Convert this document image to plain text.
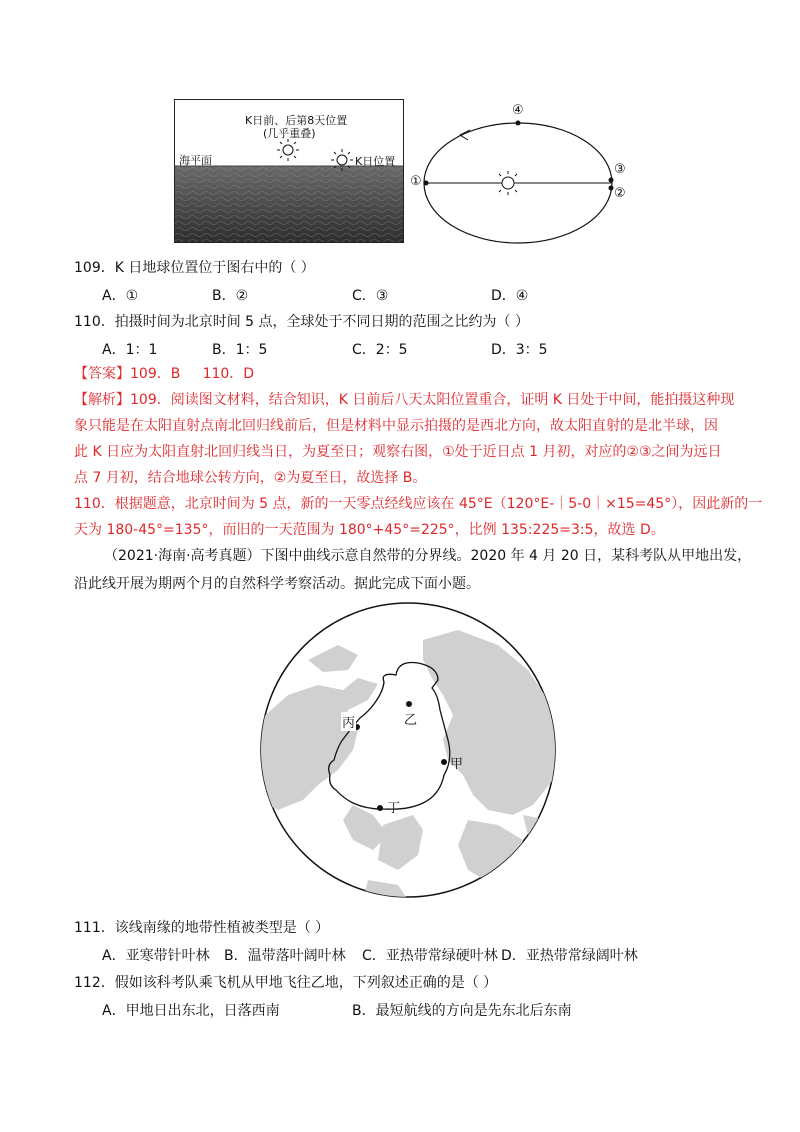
K日前、后第8天位置
(几乎重叠)
海平面	K日位置
①
②
③
④
109．K 日地球位置位于图右中的（ ）
A．①	B．②	C．③	D．④
110．拍摄时间为北京时间 5 点，全球处于不同日期的范围之比约为（ ）
A．1：1	B．1：5	C．2：5	D．3：5
【答案】109．B     110．D
【解析】109．阅读图文材料，结合知识，K 日前后八天太阳位置重合，证明 K 日处于中间，能拍摄这种现
象只能是在太阳直射点南北回归线前后，但是材料中显示拍摄的是西北方向，故太阳直射的是北半球，因
此 K 日应为太阳直射北回归线当日，为夏至日；观察右图，①处于近日点 1 月初，对应的②③之间为远日
点 7 月初，结合地球公转方向，②为夏至日，故选择 B。
110．根据题意，北京时间为 5 点，新的一天零点经线应该在 45°E（120°E-｜5-0｜×15=45°），因此新的一
天为 180-45°=135°，而旧的一天范围为 180°+45°=225°，比例 135:225=3:5，故选 D。
（2021·海南·高考真题）下图中曲线示意自然带的分界线。2020 年 4 月 20 日，某科考队从甲地出发，
沿此线开展为期两个月的自然科学考察活动。据此完成下面小题。
丙	乙
甲
丁
111．该线南缘的地带性植被类型是（ ）
A．亚寒带针叶林 B．温带落叶阔叶林 C．亚热带常绿硬叶林 D．亚热带常绿阔叶林
112．假如该科考队乘飞机从甲地飞往乙地，下列叙述正确的是（ ）
A．甲地日出东北，日落西南	B．最短航线的方向是先东北后东南
